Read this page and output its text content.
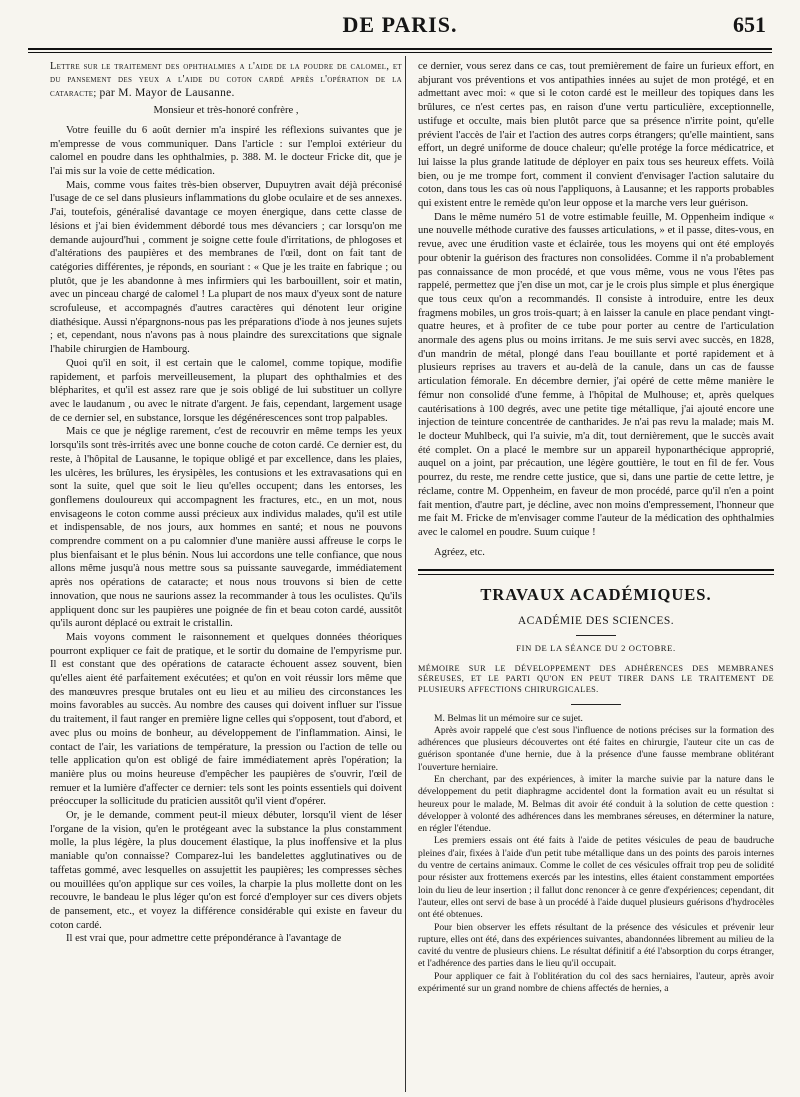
DE PARIS.	651

Lettre sur le traitement des ophthalmies a l'aide de la poudre de calomel, et du pansement des yeux a l'aide du coton cardé après l'opération de la cataracte; par M. Mayor de Lausanne.

Monsieur et très-honoré confrère ,

Votre feuille du 6 août dernier m'a inspiré les réflexions suivantes que je m'empresse de vous communiquer. Dans l'article : sur l'emploi extérieur du calomel en poudre dans les ophthalmies, p. 388. M. le docteur Fricke dit, que je l'ai mis sur la voie de cette médication.

Mais, comme vous faites très-bien observer, Dupuytren avait déjà préconisé l'usage de ce sel dans plusieurs inflammations du globe oculaire et de ses annexes. J'ai, toutefois, généralisé davantage ce moyen énergique, dans cette classe de lésions et j'ai bien évidemment débordé tous mes dévanciers ; car lorsqu'on me demande aujourd'hui , comment je soigne cette foule d'irritations, de phlogoses et d'altérations des paupières et des membranes de l'œil, dont on fait tant de catégories différentes, je réponds, en souriant : « Que je les traite en fabrique ; ou plutôt, que je les abandonne à mes infirmiers qui les barbouillent, soir et matin, avec un pinceau chargé de calomel ! La plupart de nos maux d'yeux sont de nature scrofuleuse, et accompagnés d'autres caractères qui dénotent leur origine diathésique. Aussi n'épargnons-nous pas les préparations d'iode à nos jeunes sujets ; et, cependant, nous n'avons pas à nous plaindre des surexcitations que signale l'habile chirurgien de Hambourg.

Quoi qu'il en soit, il est certain que le calomel, comme topique, modifie rapidement, et parfois merveilleusement, la plupart des ophthalmies et des blépharites, et qu'il est assez rare que je sois obligé de lui substituer un collyre avec le laudanum , ou avec le nitrate d'argent. Je fais, cependant, largement usage de ce dernier sel, en substance, lorsque les dégénérescences sont trop palpables.

Mais ce que je néglige rarement, c'est de recouvrir en même temps les yeux lorsqu'ils sont très-irrités avec une bonne couche de coton cardé. Ce dernier est, du reste, à l'hôpital de Lausanne, le topique obligé et par excellence, dans les plaies, les ulcères, les brûlures, les érysipèles, les contusions et les extravasations qui en sont la suite, quel que soit le lieu qu'elles occupent; dans les entorses, les gonflemens douloureux qui accompagnent les fractures, etc., en un mot, nous envisageons le coton comme aussi précieux aux individus malades, qu'il est utile et indispensable, de nos jours, aux hommes en santé; et nous ne pouvons comprendre comment on a pu calomnier d'une manière aussi affreuse le corps le plus bienfaisant et le plus bénin. Nous lui accordons une telle confiance, que nous allons même jusqu'à nous mettre sous sa puissante sauvegarde, immédiatement après nos opérations de cataracte; et nous nous trouvons si bien de cette innovation, que nous ne saurions assez la recommander à tous les oculistes. Qu'ils appliquent donc sur les paupières une poignée de fin et beau coton cardé, aussitôt qu'ils auront déplacé ou extrait le cristallin.

Mais voyons comment le raisonnement et quelques données théoriques pourront expliquer ce fait de pratique, et le sortir du domaine de l'empyrisme pur. Il est constant que des opérations de cataracte échouent assez souvent, bien qu'elles aient été parfaitement exécutées; et qu'on en voit réussir lors même que des manœuvres presque brutales ont eu lieu et au milieu des circonstances les moins favorables au succès. Au nombre des causes qui doivent influer sur l'issue du traitement, il faut ranger en première ligne celles qui s'opposent, tout d'abord, et avec plus ou moins de bonheur, au développement de l'inflammation. Ainsi, le contact de l'air, les variations de température, la pression ou l'action de telle ou telle application qu'on est obligé de faire immédiatement après l'opération; la manière plus ou moins heureuse d'empêcher les paupières de s'ouvrir, l'œil de remuer et la lumière d'affecter ce dernier: tels sont les points essentiels qui doivent préoccuper la sollicitude du praticien aussitôt qu'il vient d'opérer.

Or, je le demande, comment peut-il mieux débuter, lorsqu'il vient de léser l'organe de la vision, qu'en le protégeant avec la substance la plus constamment molle, la plus légère, la plus doucement élastique, la plus inoffensive et la plus maniable qu'on connaisse? Comparez-lui les bandelettes agglutinatives ou de taffetas gommé, avec lesquelles on assujettit les paupières; les compresses sèches ou mouillées qu'on applique sur ces voiles, la charpie la plus mollette dont on les recouvre, le bandeau le plus léger qu'on est forcé d'employer sur ces divers objets de pansement, etc., et voyez la différence considérable qui existe en faveur du coton cardé.

Il est vrai que, pour admettre cette prépondérance à l'avantage de

ce dernier, vous serez dans ce cas, tout premièrement de faire un furieux effort, en abjurant vos préventions et vos antipathies innées au sujet de mon protégé, et en admettant avec moi: « que si le coton cardé est le meilleur des topiques dans les brûlures, ce n'est certes pas, en raison d'une vertu particulière, exceptionnelle, ustifuge et occulte, mais bien plutôt parce que sa présence n'irrite point, qu'elle prévient l'accès de l'air et l'action des autres corps étrangers; qu'elle maintient, sans effort, un degré uniforme de douce chaleur; qu'elle protége la force médicatrice, et lui laisse la plus grande latitude de déployer en paix tous ses heureux effets. Voilà bien, ou je me trompe fort, comment il convient d'envisager l'action salutaire du coton, dans tous les cas où nous l'appliquons, à Lausanne; et les rapports probables qui existent entre le remède qu'on leur oppose et la marche vers leur guérison.

Dans le même numéro 51 de votre estimable feuille, M. Oppenheim indique « une nouvelle méthode curative des fausses articulations, » et il passe, dites-vous, en revue, avec une érudition vaste et éclairée, tous les moyens qui ont été employés pour obtenir la guérison des fractures non consolidées. Comme il n'a probablement pas connaissance de mon procédé, et que vous même, vous ne vous l'êtes pas rappelé, permettez que j'en dise un mot, car je le crois plus simple et plus énergique que tous ceux qu'on a recommandés. Il consiste à introduire, entre les deux fragmens mobiles, un gros trois-quart; à en laisser la canule en place pendant vingt-quatre heures, et à profiter de ce tube pour porter au centre de l'articulation anormale des agens plus ou moins irritans. Je me suis servi avec succès, en 1828, d'un mandrin de métal, plongé dans l'eau bouillante et porté rapidement et à plusieurs reprises au travers et au-delà de la canule, dans un cas de fausse articulation fémorale. En décembre dernier, j'ai opéré de cette même manière le fémur non consolidé d'une femme, à l'hôpital de Mulhouse; et, après quelques cautérisations à 100 degrés, avec une petite tige métallique, j'ai ajouté encore une injection de teinture concentrée de cantharides. Je n'ai pas revu la malade; mais M. le docteur Muhlbeck, qui l'a suivie, m'a dit, tout dernièrement, que le succès avait été complet. On a placé le membre sur un appareil hyponarthécique approprié, auquel on a joint, par précaution, une légère gouttière, le tout en fil de fer. Vous pourrez, du reste, me rendre cette justice, que si, dans une partie de cette lettre, je réclame, contre M. Oppenheim, en faveur de mon procédé, parce qu'il n'en a point fait mention, d'autre part, je décline, avec non moins d'empressement, l'honneur que me fait M. Fricke de m'envisager comme l'auteur de la médication des ophthalmies avec le calomel en poudre. Suum cuique !

Agréez, etc.

TRAVAUX ACADÉMIQUES.

ACADÉMIE DES SCIENCES.

FIN DE LA SÉANCE DU 2 OCTOBRE.

MÉMOIRE SUR LE DÉVELOPPEMENT DES ADHÉRENCES DES MEMBRANES SÉREUSES, ET LE PARTI QU'ON EN PEUT TIRER DANS LE TRAITEMENT DE PLUSIEURS AFFECTIONS CHIRURGICALES.

M. Belmas lit un mémoire sur ce sujet.

Après avoir rappelé que c'est sous l'influence de notions précises sur la formation des adhérences que plusieurs découvertes ont été faites en chirurgie, l'auteur cite un cas de guérison spontanée d'une hernie, due à la présence d'une fausse membrane oblitérant l'ouverture herniaire.

En cherchant, par des expériences, à imiter la marche suivie par la nature dans le développement du petit diaphragme accidentel dont la formation avait eu un résultat si heureux pour le malade, M. Belmas dit avoir été conduit à la solution de cette question : développer à volonté des adhérences dans les membranes séreuses, en déterminer la nature, en régler l'étendue.

Les premiers essais ont été faits à l'aide de petites vésicules de peau de baudruche pleines d'air, fixées à l'aide d'un petit tube métallique dans un des points des parois internes du ventre de certains animaux. Comme le collet de ces vésicules offrait trop peu de solidité pour résister aux frottemens exercés par les intestins, elles étaient constamment emportées loin du lieu de leur insertion ; il fallut donc renoncer à ce genre d'expériences; cependant, dit l'auteur, elles ont servi de base à un procédé à l'aide duquel plusieurs guérisons d'hydrocèles ont été obtenues.

Pour bien observer les effets résultant de la présence des vésicules et prévenir leur rupture, elles ont été, dans des expériences suivantes, abandonnées librement au milieu de la cavité du ventre de plusieurs chiens. Le résultat définitif a été l'absorption du corps étranger, et l'adhérence des parties dans le lieu qu'il occupait.

Pour appliquer ce fait à l'oblitération du col des sacs herniaires, l'auteur, après avoir expérimenté sur un grand nombre de chiens affectés de hernies, a
